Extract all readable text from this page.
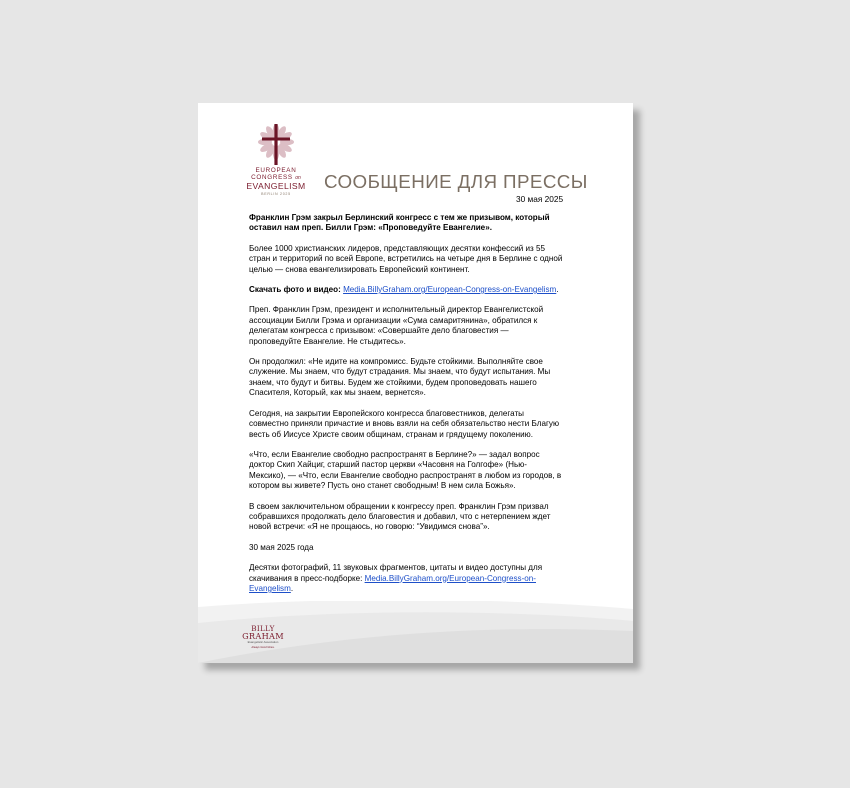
EUROPEAN
CONGRESS on
EVANGELISM
BERLIN 2025
СООБЩЕНИЕ ДЛЯ ПРЕССЫ
30 мая 2025

Франклин Грэм закрыл Берлинский конгресс с тем же призывом, который
оставил нам преп. Билли Грэм: «Проповедуйте Евангелие».

Более 1000 христианских лидеров, представляющих десятки конфессий из 55
стран и территорий по всей Европе, встретились на четыре дня в Берлине с одной
целью — снова евангелизировать Европейский континент.

Скачать фото и видео: Media.BillyGraham.org/European-Congress-on-Evangelism.

Преп. Франклин Грэм, президент и исполнительный директор Евангелистской
ассоциации Билли Грэма и организации «Сума самаритянина», обратился к
делегатам конгресса с призывом: «Совершайте дело благовестия —
проповедуйте Евангелие. Не стыдитесь».

Он продолжил: «Не идите на компромисс. Будьте стойкими. Выполняйте свое
служение. Мы знаем, что будут страдания. Мы знаем, что будут испытания. Мы
знаем, что будут и битвы. Будем же стойкими, будем проповедовать нашего
Спасителя, Который, как мы знаем, вернется».

Сегодня, на закрытии Европейского конгресса благовестников, делегаты
совместно приняли причастие и вновь взяли на себя обязательство нести Благую
весть об Иисусе Христе своим общинам, странам и грядущему поколению.

«Что, если Евангелие свободно распространят в Берлине?» — задал вопрос
доктор Скип Хайциг, старший пастор церкви «Часовня на Голгофе» (Нью-
Мексико), — «Что, если Евангелие свободно распространят в любом из городов, в
котором вы живете? Пусть оно станет свободным! В нем сила Божья».

В своем заключительном обращении к конгрессу преп. Франклин Грэм призвал
собравшихся продолжать дело благовестия и добавил, что с нетерпением ждет
новой встречи: «Я не прощаюсь, но говорю: “Увидимся снова”».

30 мая 2025 года

Десятки фотографий, 11 звуковых фрагментов, цитаты и видео доступны для
скачивания в пресс-подборке: Media.BillyGraham.org/European-Congress-on-
Evangelism.

BILLY
GRAHAM
Evangelistic Association
Always Good News.
